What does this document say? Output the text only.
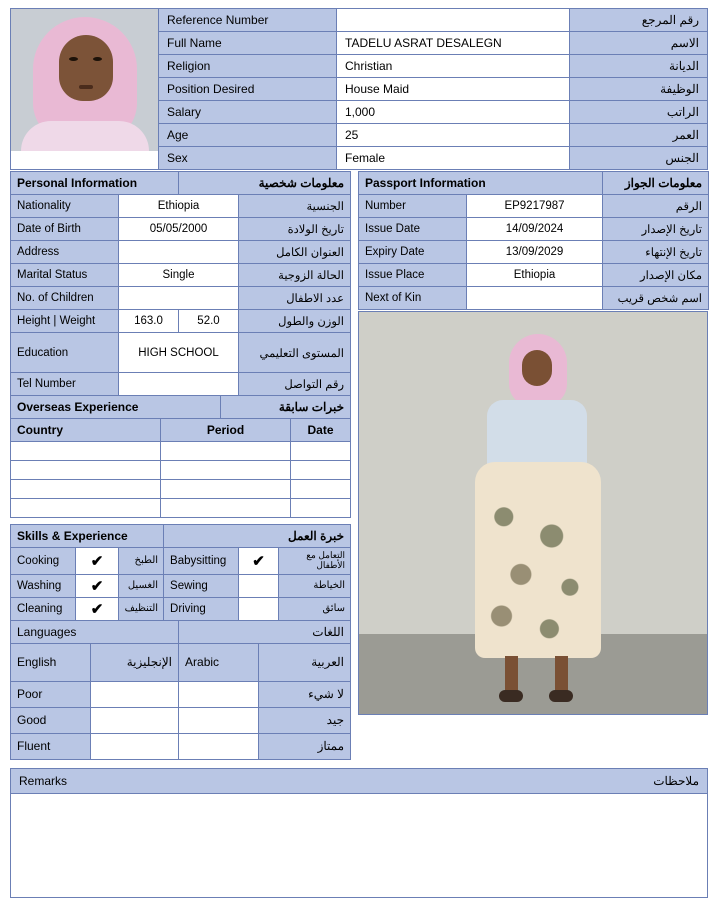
	Reference Number		رقم المرجع
	Full Name	TADELU ASRAT DESALEGN	الاسم
	Religion	Christian	الديانة
	Position Desired	House Maid	الوظيفة
	Salary	1,000	الراتب
	Age	25	العمر
	Sex	Female	الجنس
Personal Information		معلومات شخصية	
Nationality	Ethiopia		الجنسية
Date of Birth	05/05/2000		تاريخ الولادة
Address			العنوان الكامل
Marital Status	Single		الحالة الزوجية
No. of Children			عدد الاطفال
Height | Weight	163.0	52.0	الوزن والطول
Education	HIGH SCHOOL		المستوى التعليمي
Tel Number			رقم التواصل
Overseas Experience		خبرات سابقة	
Country	Period		Date

Skills & Experience			خبرة العمل		
Cooking	✔	الطبخ	Babysitting	✔	التعامل مع الأطفال
Washing	✔	الغسيل	Sewing		الخياطة
Cleaning	✔	التنظيف	Driving		سائق
Languages		اللغات	
English	الإنجليزية	Arabic	العربية
Poor			لا شيء
Good			جيد
Fluent			ممتاز
Passport Information		معلومات الجواز
Number	EP9217987	الرقم
Issue Date	14/09/2024	تاريخ الإصدار
Expiry Date	13/09/2029	تاريخ الإنتهاء
Issue Place	Ethiopia	مكان الإصدار
Next of Kin		اسم شخص قريب
Remarks	ملاحظات
